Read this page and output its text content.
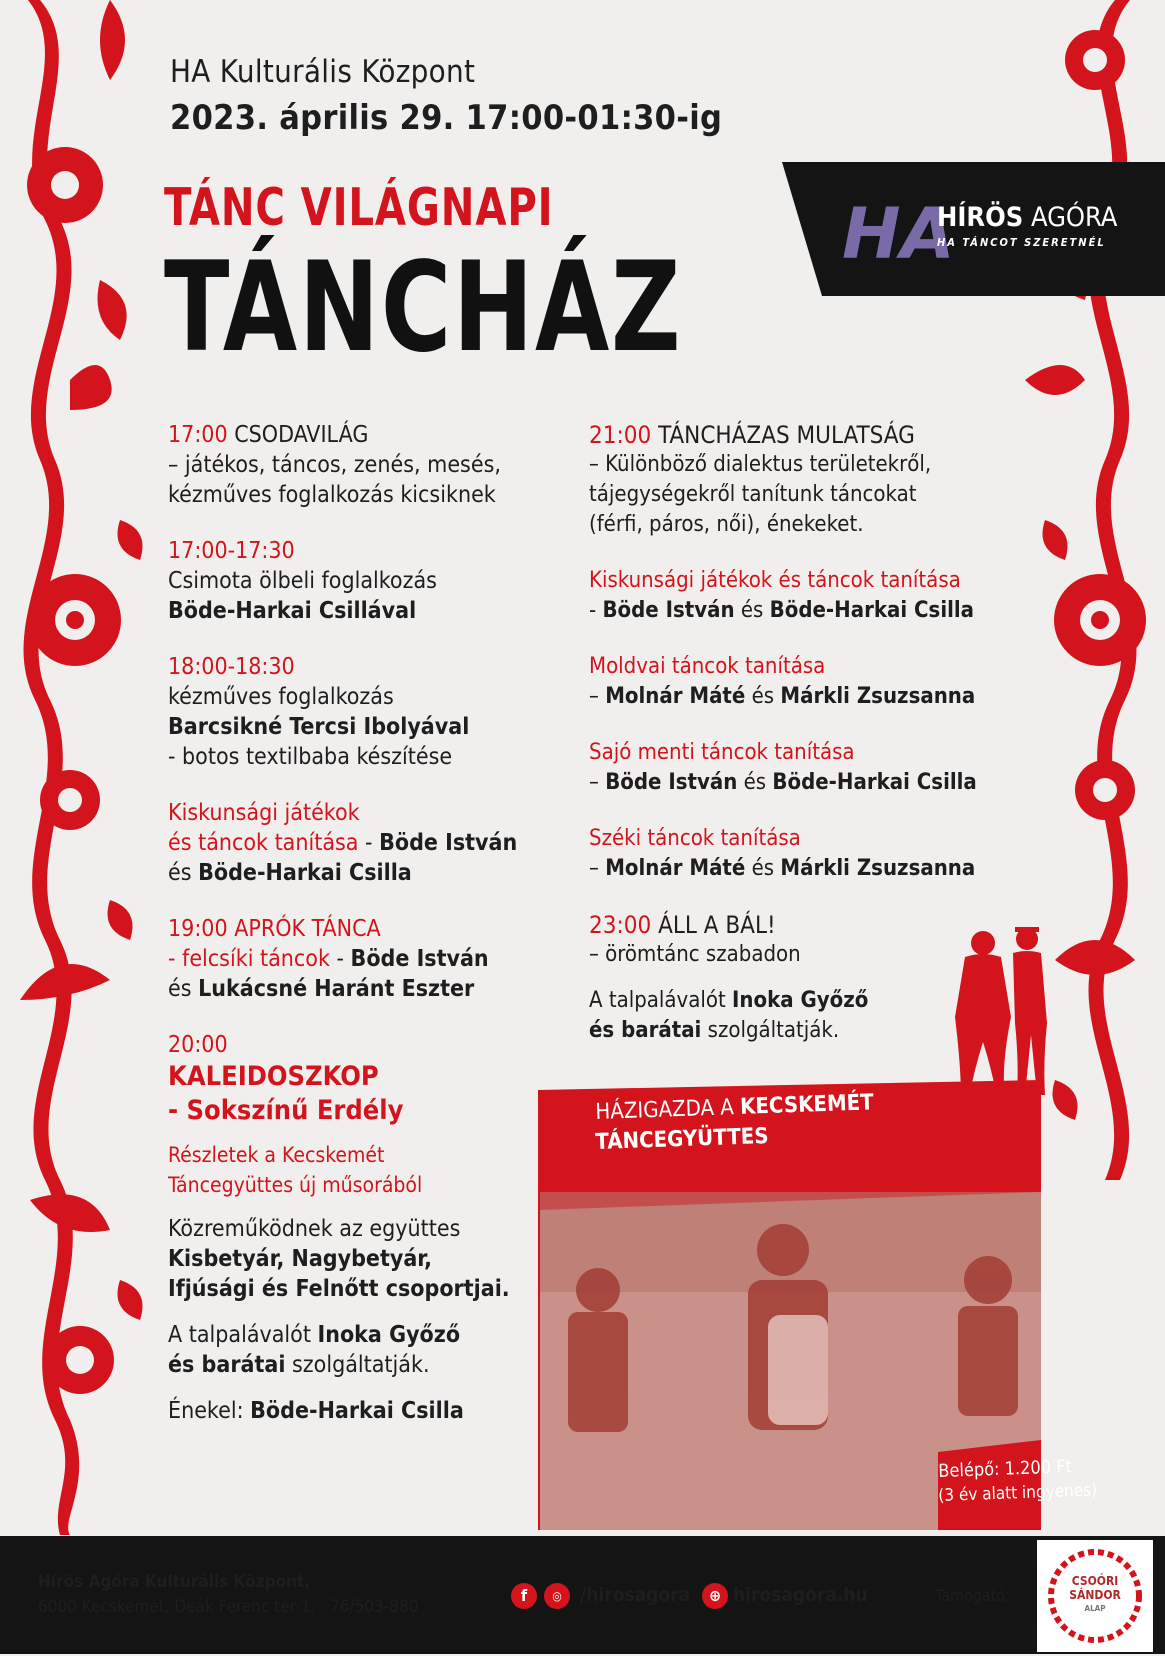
HA Kulturális Központ
2023. április 29. 17:00-01:30-ig
TÁNC VILÁGNAPI
TÁNCHÁZ
HA
HÍRÖS AGÓRA
HA TÁNCOT SZERETNÉL

17:00 CSODAVILÁG

– játékos, táncos, zenés, mesés,

kézműves foglalkozás kicsiknek

17:00-17:30

Csimota ölbeli foglalkozás

Böde-Harkai Csillával

18:00-18:30

kézműves foglalkozás

Barcsikné Tercsi Ibolyával

- botos textilbaba készítése

Kiskunsági játékok

és táncok tanítása - Böde István

és Böde-Harkai Csilla

19:00 APRÓK TÁNCA

- felcsíki táncok - Böde István

és Lukácsné Haránt Eszter

20:00

KALEIDOSZKOP

- Sokszínű Erdély

Részletek a Kecskemét

Táncegyüttes új műsorából

Közreműködnek az együttes

Kisbetyár, Nagybetyár,

Ifjúsági és Felnőtt csoportjai.

A talpalávalót Inoka Győző

és barátai szolgáltatják.

Énekel: Böde-Harkai Csilla

21:00 TÁNCHÁZAS MULATSÁG

– Különböző dialektus területekről,

tájegységekről tanítunk táncokat

(férfi, páros, női), énekeket.

Kiskunsági játékok és táncok tanítása

- Böde István és Böde-Harkai Csilla

Moldvai táncok tanítása

– Molnár Máté és Márkli Zsuzsanna

Sajó menti táncok tanítása

– Böde István és Böde-Harkai Csilla

Széki táncok tanítása

– Molnár Máté és Márkli Zsuzsanna

23:00 ÁLL A BÁL!

– örömtánc szabadon

A talpalávalót Inoka Győző

és barátai szolgáltatják.

HÁZIGAZDA A KECSKEMÉT
TÁNCEGYÜTTES
Belépő: 1.200 Ft
(3 év alatt ingyenes)
Hírös Agóra Kulturális Központ,
6000 Kecskemét, Deák Ferenc tér 1. · 76/503-880
f	◎ /hirosagora	⊕ hirosagora.hu	Támogató:
CSOÓRI
SÁNDOR
ALAP
